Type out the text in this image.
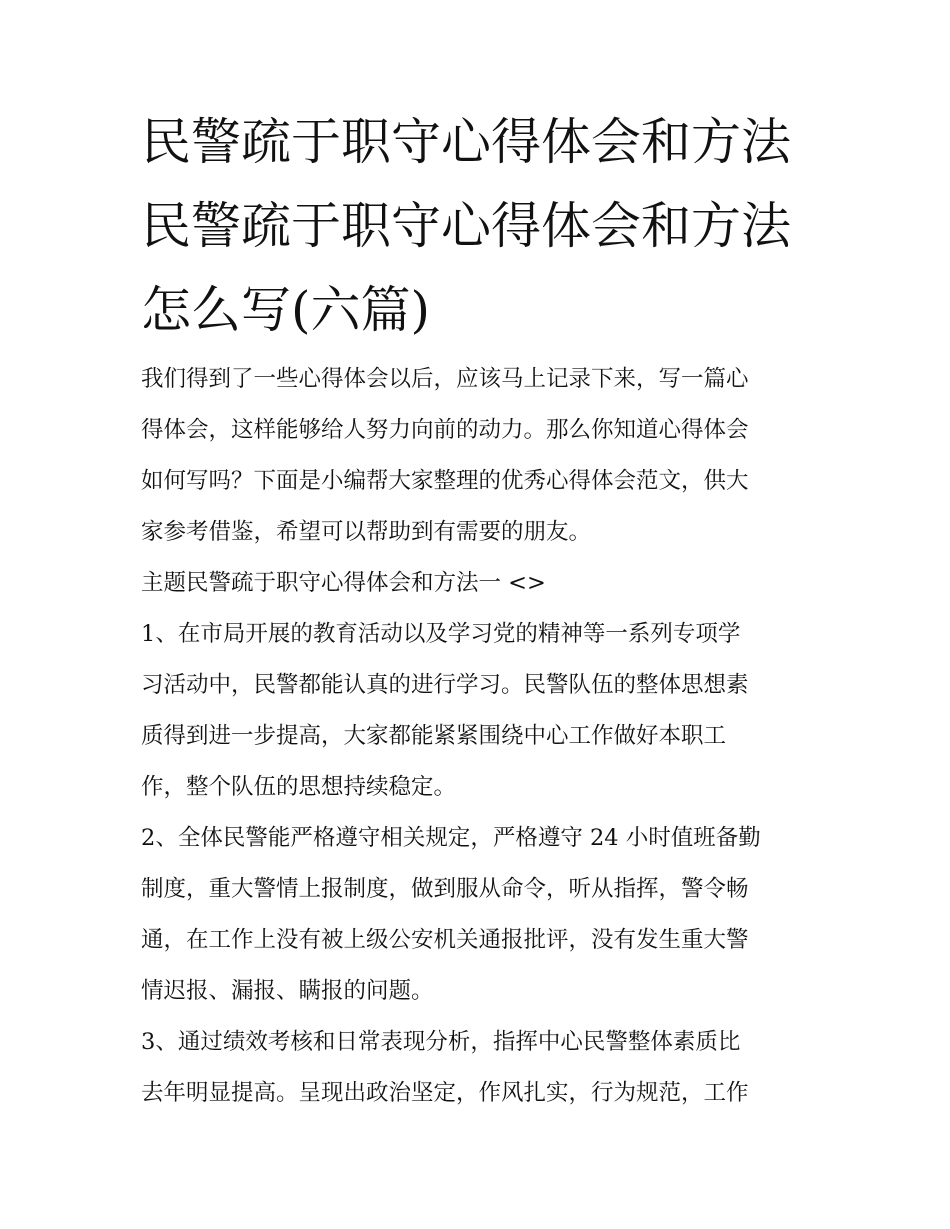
民警疏于职守心得体会和方法
民警疏于职守心得体会和方法
怎么写(六篇)
我们得到了一些心得体会以后，应该马上记录下来，写一篇心
得体会，这样能够给人努力向前的动力。那么你知道心得体会
如何写吗？下面是小编帮大家整理的优秀心得体会范文，供大
家参考借鉴，希望可以帮助到有需要的朋友。
主题民警疏于职守心得体会和方法一 <>
1、在市局开展的教育活动以及学习党的精神等一系列专项学
习活动中，民警都能认真的进行学习。民警队伍的整体思想素
质得到进一步提高，大家都能紧紧围绕中心工作做好本职工
作，整个队伍的思想持续稳定。
2、全体民警能严格遵守相关规定，严格遵守 24 小时值班备勤
制度，重大警情上报制度，做到服从命令，听从指挥，警令畅
通，在工作上没有被上级公安机关通报批评，没有发生重大警
情迟报、漏报、瞒报的问题。
3、通过绩效考核和日常表现分析，指挥中心民警整体素质比
去年明显提高。呈现出政治坚定，作风扎实，行为规范，工作
